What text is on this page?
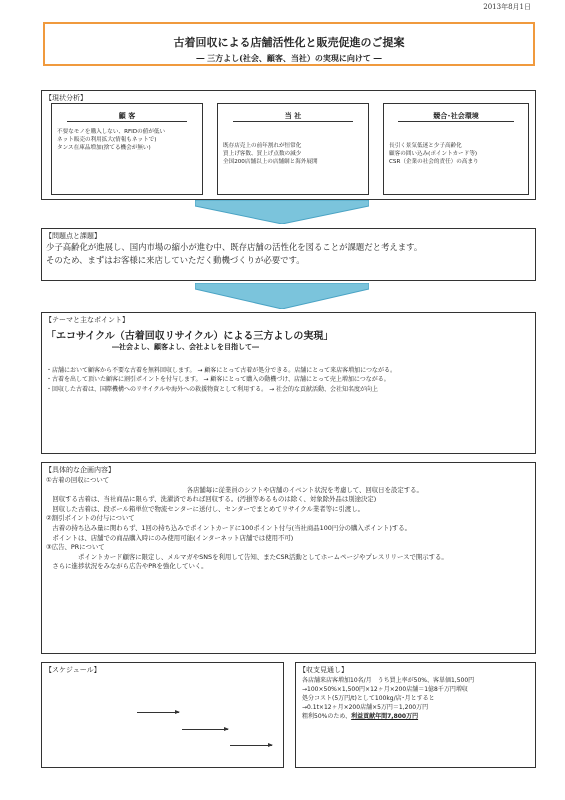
2013年8月1日
古着回収による店舗活性化と販売促進のご提案
― 三方よし(社会、顧客、当社）の実現に向けて ―
【現状分析】
顧 客
不要なモノを購入しない、RFIDの値が低い
ネット販売の利用拡大(情報もネットで)
タンス在庫品増加(捨てる機会が無い)
当 社
既存店売上の前年割れが恒常化
買上げ客数、買上げ点数の減少
全国200店舗以上の店舗網と海外展開
競合･社会環境
長引く景気低迷と少子高齢化
顧客の囲い込み(ポイントカード等)
CSR（企業の社会的責任）の高まり
【問題点と課題】
少子高齢化が進展し、国内市場の縮小が進む中、既存店舗の活性化を図ることが課題だと考えます。
そのため、まずはお客様に来店していただく動機づくりが必要です。
【テーマと主なポイント】
「エコサイクル（古着回収リサイクル）による三方よしの実現」
―社会よし、顧客よし、会社よしを目指して―
・店舗において顧客から不要な古着を無料回収します。 → 顧客にとって古着が処分できる。店舗にとって来店客増加につながる。
・古着を出して頂いた顧客に割引ポイントを付与します。 → 顧客にとって購入の動機づけ、店舗にとって売上増加につながる。
・回収した古着は、国際機構へのリサイクルや海外への救援物資として利用する。 → 社会的な貢献活動、会社知名度が向上
【具体的な企画内容】
①古着の回収について
　　　　　　　　　　　　　　　　　　　　　　各店舗毎に従業員のシフトや店舗のイベント状況を考慮して、回収日を設定する。
　回収する古着は、当社商品に限らず、洗濯済であれば回収する。(汚損等あるものは除く、対象除外品は別途決定)
　回収した古着は、段ボール箱単位で物流センターに送付し、センターでまとめてリサイクル業者等に引渡し。
②割引ポイントの付与について
　古着の持ち込み量に関わらず、1回の持ち込みでポイントカードに100ポイント付与(当社商品100円分の購入ポイント)する。
　ポイントは、店舗での商品購入時にのみ使用可能(インターネット店舗では使用不可)
③広告、PRについて
　　　　　ポイントカード顧客に限定し、メルマガやSNSを利用して告知、またCSR活動としてホームページやプレスリリースで開示する。
　さらに進捗状況をみながら広告やPRを強化していく。
【スケジュール】	【収支見通し】
各店舗来店客増加10名/月　うち買上率が50%、客単価1,500円
→100×50%×1,500円×12ヶ月×200店舗＝1億8千万円増収
処分コスト(5万円/t)として100kg/店･月とすると
→0.1t×12ヶ月×200店舗×5万円＝1,200万円
粗利50%のため、利益貢献年間7,800万円
